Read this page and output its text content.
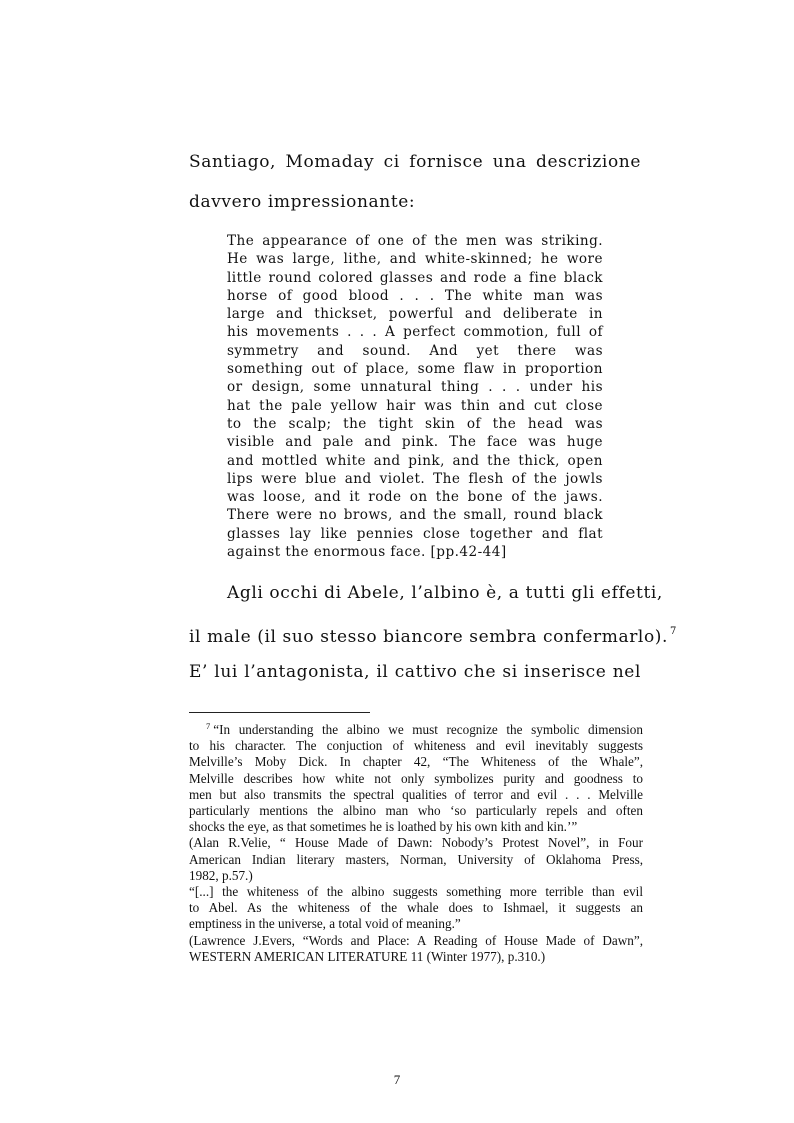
Santiago, Momaday ci fornisce una descrizione

davvero impressionante:

The appearance of one of the men was striking.
He was large, lithe, and white-skinned; he wore
little round colored glasses and rode a fine black
horse of good blood . . . The white man was
large and thickset, powerful and deliberate in
his movements . . . A perfect commotion, full of
symmetry and sound. And yet there was
something out of place, some flaw in proportion
or design, some unnatural thing . . . under his
hat the pale yellow hair was thin and cut close
to the scalp; the tight skin of the head was
visible and pale and pink. The face was huge
and mottled white and pink, and the thick, open
lips were blue and violet. The flesh of the jowls
was loose, and it rode on the bone of the jaws.
There were no brows, and the small, round black
glasses lay like pennies close together and flat
against the enormous face. [pp.42-44]

Agli occhi di Abele, l’albino è, a tutti gli effetti,

il male (il suo stesso biancore sembra confermarlo). $^7$

E’ lui l’antagonista, il cattivo che si inserisce nel

$^7$ “In understanding the albino we must recognize the symbolic dimension
to his character. The conjuction of whiteness and evil inevitably suggests
Melville’s Moby Dick. In chapter 42, “The Whiteness of the Whale”,
Melville describes how white not only symbolizes purity and goodness to
men but also transmits the spectral qualities of terror and evil . . . Melville
particularly mentions the albino man who ‘so particularly repels and often
shocks the eye, as that sometimes he is loathed by his own kith and kin.’”
(Alan R.Velie, “ House Made of Dawn: Nobody’s Protest Novel”, in Four
American Indian literary masters, Norman, University of Oklahoma Press,
1982, p.57.)
“[...] the whiteness of the albino suggests something more terrible than evil
to Abel. As the whiteness of the whale does to Ishmael, it suggests an
emptiness in the universe, a total void of meaning.”
(Lawrence J.Evers, “Words and Place: A Reading of House Made of Dawn”,
WESTERN AMERICAN LITERATURE 11 (Winter 1977), p.310.)
7
